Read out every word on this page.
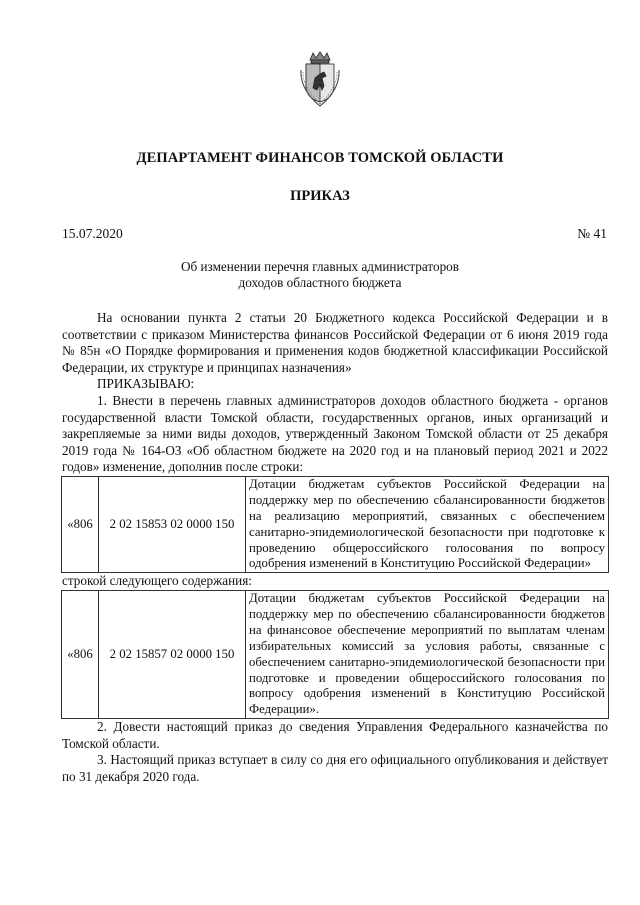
ДЕПАРТАМЕНТ ФИНАНСОВ ТОМСКОЙ ОБЛАСТИ
ПРИКАЗ
15.07.2020	№ 41
Об изменении перечня главных администраторов
доходов областного бюджета

На основании пункта 2 статьи 20 Бюджетного кодекса Российской Федерации и в соответствии с приказом Министерства финансов Российской Федерации от 6 июня 2019 года № 85н «О Порядке формирования и применения кодов бюджетной классификации Российской Федерации, их структуре и принципах назначения»

ПРИКАЗЫВАЮ:

1. Внести в перечень главных администраторов доходов областного бюджета - органов государственной власти Томской области, государственных органов, иных организаций и закрепляемые за ними виды доходов, утвержденный Законом Томской области от 25 декабря 2019 года № 164-ОЗ «Об областном бюджете на 2020 год и на плановый период 2021 и 2022 годов» изменение, дополнив после строки:

«806	2 02 15853 02 0000 150	Дотации бюджетам субъектов Российской Федерации на поддержку мер по обеспечению сбалансированности бюджетов на реализацию мероприятий, связанных с обеспечением санитарно-эпидемиологической безопасности при подготовке к проведению общероссийского голосования по вопросу одобрения изменений в Конституцию Российской Федерации»

строкой следующего содержания:

«806	2 02 15857 02 0000 150	Дотации бюджетам субъектов Российской Федерации на поддержку мер по обеспечению сбалансированности бюджетов на финансовое обеспечение мероприятий по выплатам членам избирательных комиссий за условия работы, связанные с обеспечением санитарно-эпидемиологической безопасности при подготовке и проведении общероссийского голосования по вопросу одобрения изменений в Конституцию Российской Федерации».

2. Довести настоящий приказ до сведения Управления Федерального казначейства по Томской области.

3. Настоящий приказ вступает в силу со дня его официального опубликования и действует по 31 декабря 2020 года.
